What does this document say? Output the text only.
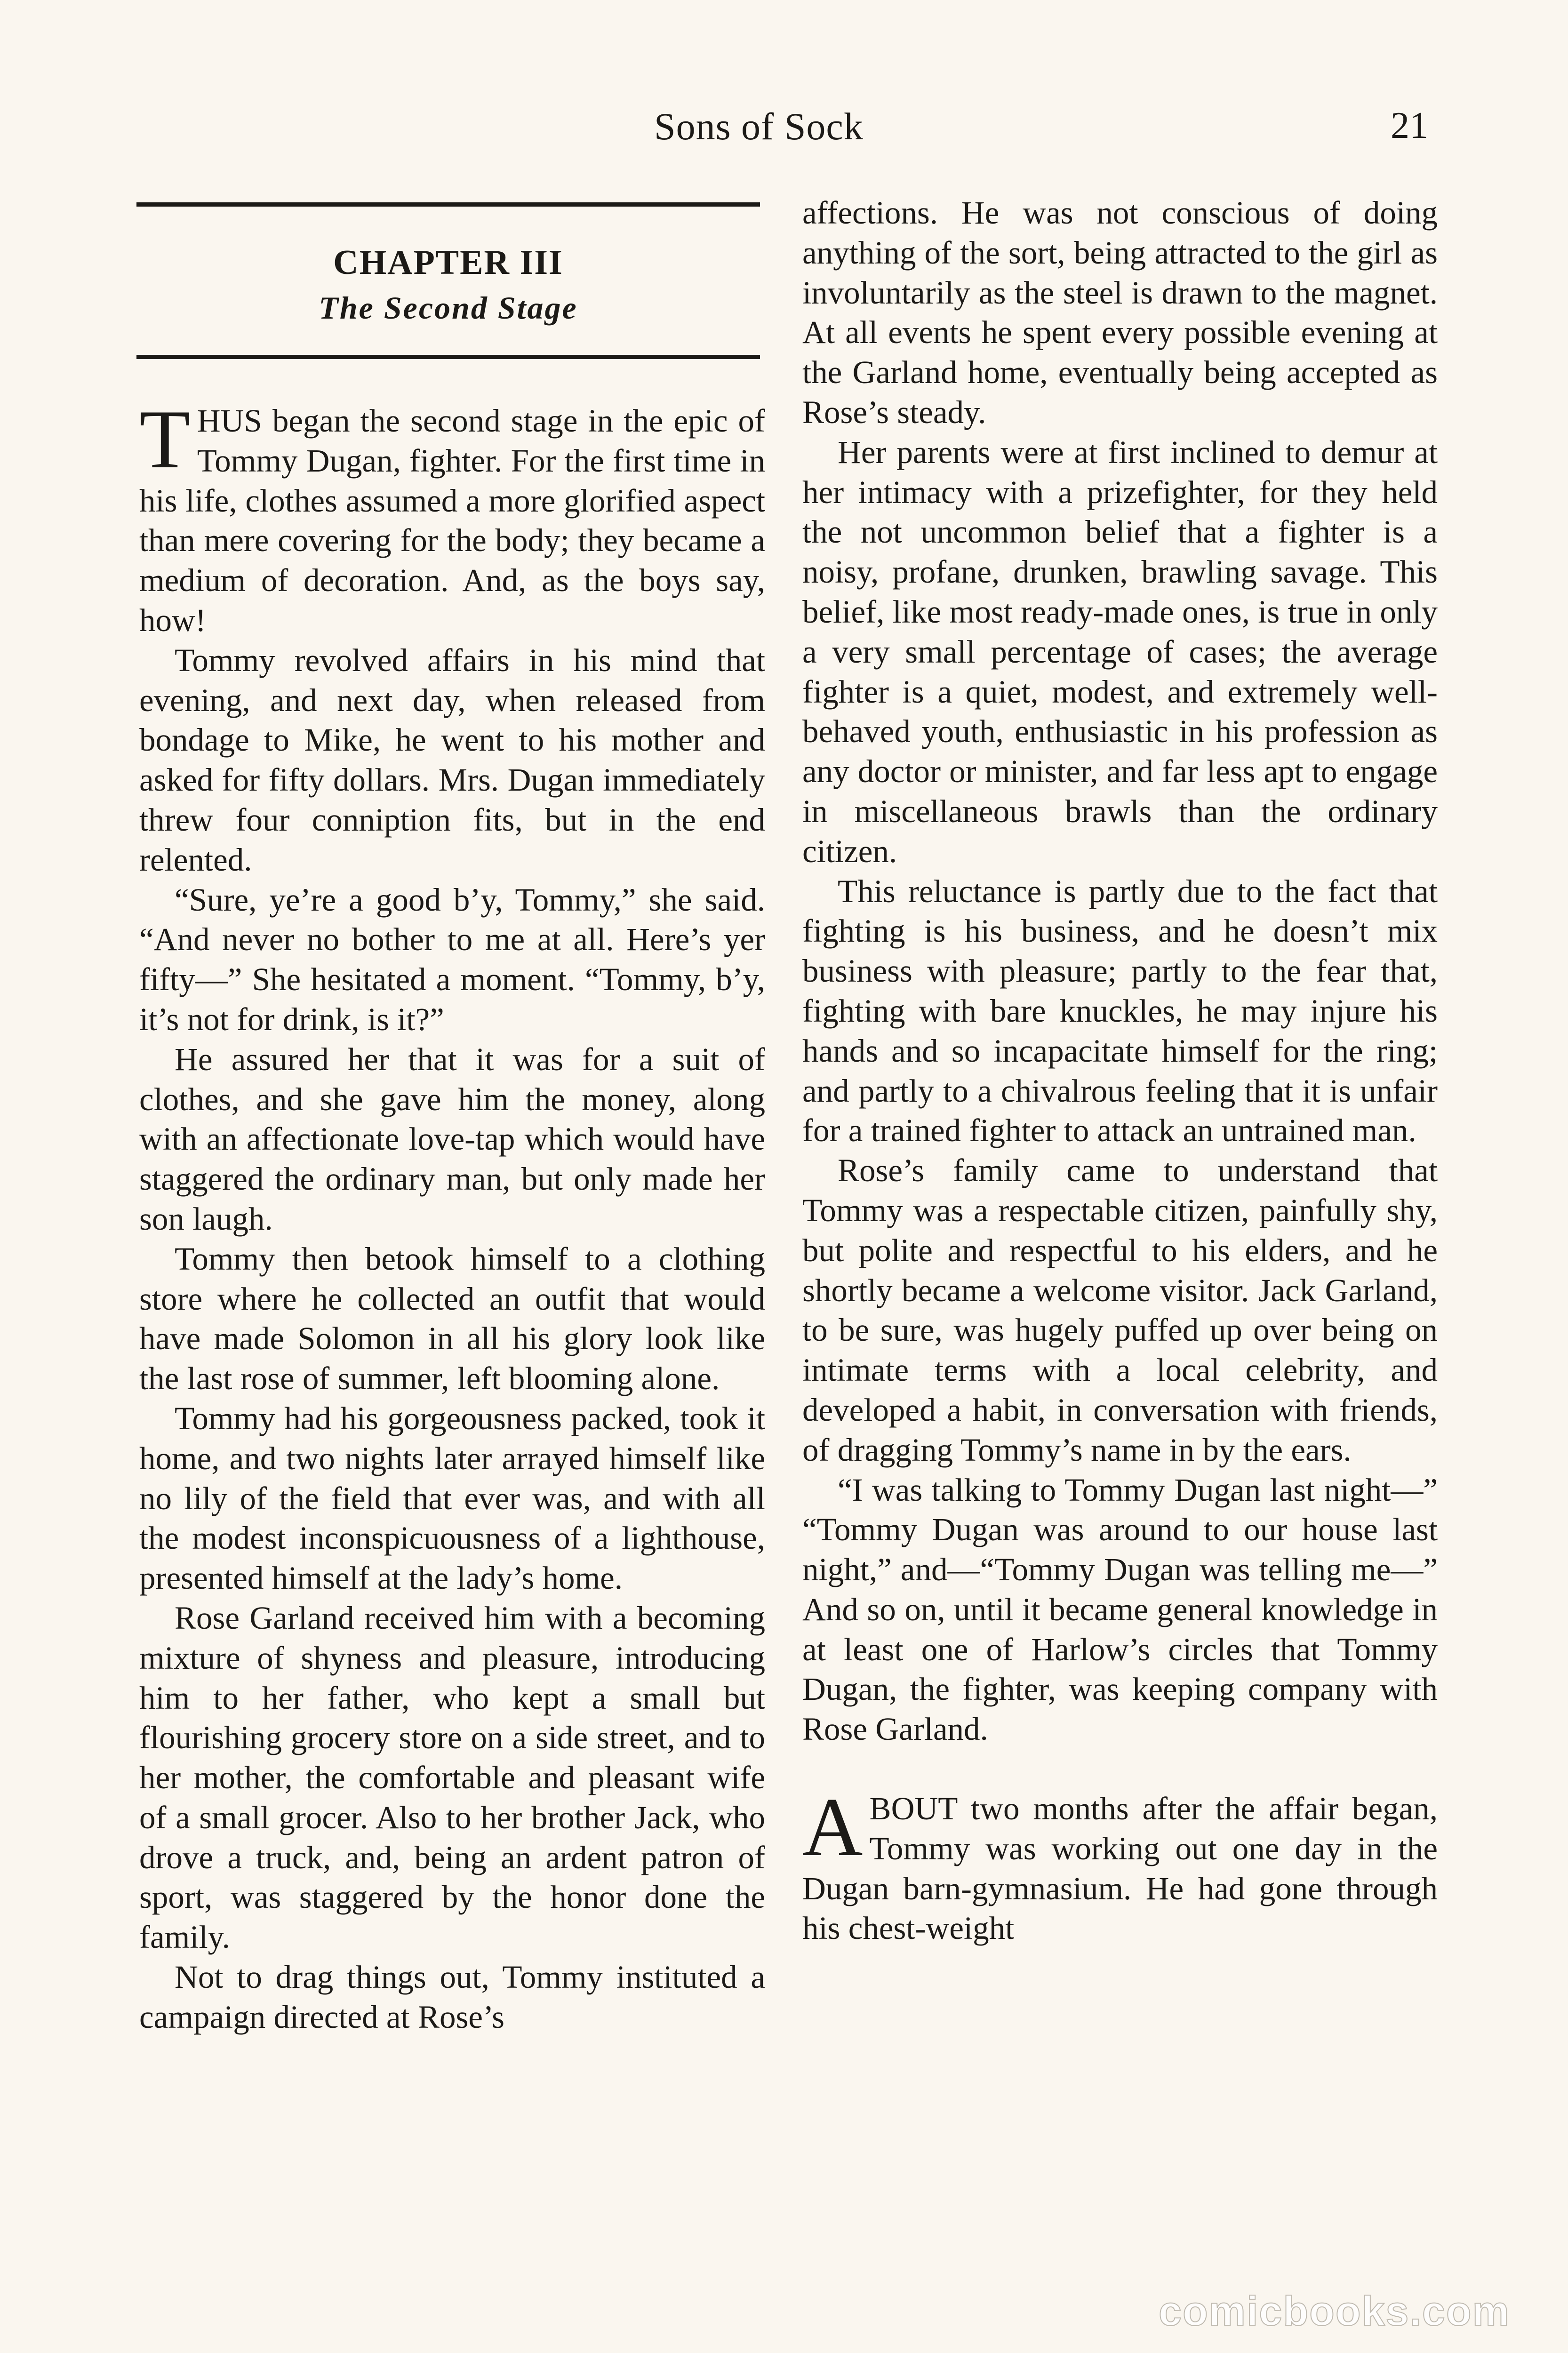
Sons of Sock	21
CHAPTER III
The Second Stage

THUS began the second stage in the epic of Tommy Dugan, fighter. For the first time in his life, clothes assumed a more glorified aspect than mere covering for the body; they became a medium of decoration. And, as the boys say, how!

Tommy revolved affairs in his mind that evening, and next day, when released from bondage to Mike, he went to his mother and asked for fifty dollars. Mrs. Dugan immediately threw four conniption fits, but in the end relented.

“Sure, ye’re a good b’y, Tommy,” she said. “And never no bother to me at all. Here’s yer fifty—” She hesitated a moment. “Tommy, b’y, it’s not for drink, is it?”

He assured her that it was for a suit of clothes, and she gave him the money, along with an affectionate love-tap which would have staggered the ordinary man, but only made her son laugh.

Tommy then betook himself to a clothing store where he collected an outfit that would have made Solomon in all his glory look like the last rose of summer, left blooming alone.

Tommy had his gorgeousness packed, took it home, and two nights later arrayed himself like no lily of the field that ever was, and with all the modest inconspicuousness of a lighthouse, presented himself at the lady’s home.

Rose Garland received him with a becoming mixture of shyness and pleasure, introducing him to her father, who kept a small but flourishing grocery store on a side street, and to her mother, the comfortable and pleasant wife of a small grocer. Also to her brother Jack, who drove a truck, and, being an ardent patron of sport, was staggered by the honor done the family.

Not to drag things out, Tommy instituted a campaign directed at Rose’s

affections. He was not conscious of doing anything of the sort, being attracted to the girl as involuntarily as the steel is drawn to the magnet. At all events he spent every possible evening at the Garland home, eventually being accepted as Rose’s steady.

Her parents were at first inclined to demur at her intimacy with a prizefighter, for they held the not uncommon belief that a fighter is a noisy, profane, drunken, brawling savage. This belief, like most ready-made ones, is true in only a very small percentage of cases; the average fighter is a quiet, modest, and extremely well-behaved youth, enthusiastic in his profession as any doctor or minister, and far less apt to engage in miscellaneous brawls than the ordinary citizen.

This reluctance is partly due to the fact that fighting is his business, and he doesn’t mix business with pleasure; partly to the fear that, fighting with bare knuckles, he may injure his hands and so incapacitate himself for the ring; and partly to a chivalrous feeling that it is unfair for a trained fighter to attack an untrained man.

Rose’s family came to understand that Tommy was a respectable citizen, painfully shy, but polite and respectful to his elders, and he shortly became a welcome visitor. Jack Garland, to be sure, was hugely puffed up over being on intimate terms with a local celebrity, and developed a habit, in conversation with friends, of dragging Tommy’s name in by the ears.

“I was talking to Tommy Dugan last night—” “Tommy Dugan was around to our house last night,” and—“Tommy Dugan was telling me—” And so on, until it became general knowledge in at least one of Harlow’s circles that Tommy Dugan, the fighter, was keeping company with Rose Garland.

ABOUT two months after the affair began, Tommy was working out one day in the Dugan barn-gymnasium. He had gone through his chest-weight

comicbooks.com
